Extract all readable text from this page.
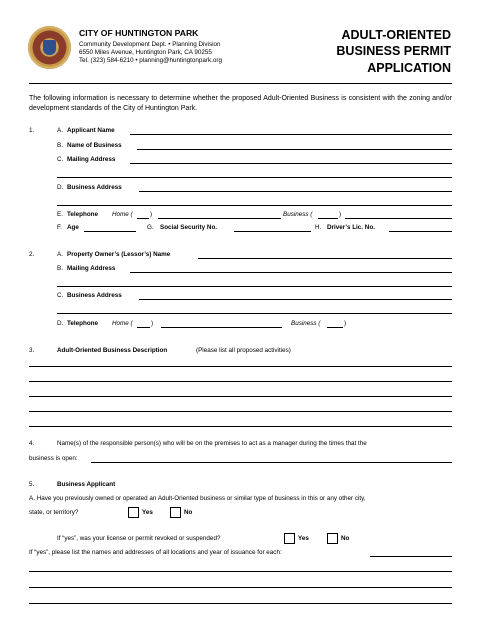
CITY OF HUNTINGTON PARK
Community Development Dept. • Planning Division
6550 Miles Avenue, Huntington Park, CA 90255
Tel. (323) 584-6210 • planning@huntingtonpark.org
ADULT-ORIENTED
BUSINESS PERMIT
APPLICATION
The following information is necessary to determine whether the proposed Adult-Oriented Business is consistent with the zoning and/or development standards of the City of Huntington Park.
1.	A. Applicant Name
B. Name of Business
C. Mailing Address
D. Business Address
E. Telephone Home (	)	Business (	)
F. Age	G. Social Security No.	H. Driver’s Lic. No.
2.	A. Property Owner’s (Lessor’s) Name
B. Mailing Address
C. Business Address
D. Telephone Home (	)	Business (	)
3.	Adult-Oriented Business Description	(Please list all proposed activities)
4.	Name(s) of the responsible person(s) who will be on the premises to act as a manager during the times that the
business is open:
5.	Business Applicant
A. Have you previously owned or operated an Adult-Oriented business or similar type of business in this or any other city,
state, or territory?	Yes	No
If “yes”, was your license or permit revoked or suspended?	Yes	No
If “yes”, please list the names and addresses of all locations and year of issuance for each:
